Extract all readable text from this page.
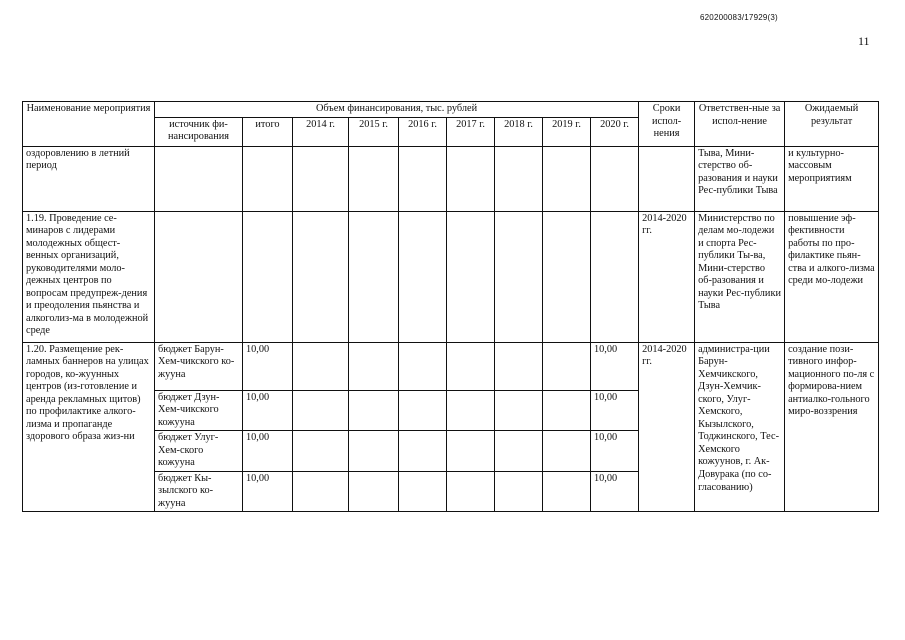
620200083/17929(3)
11
Наименование мероприятия	Объем финансирования, тыс. рублей									Сроки испол-нения	Ответствен-ные за испол-нение	Ожидаемый результат
	источник фи-нансирования	итого	2014 г.	2015 г.	2016 г.	2017 г.	2018 г.	2019 г.	2020 г.			
оздоровлению в летний период											Тыва, Мини-стерство об-разования и науки Рес-публики Тыва	и культурно-массовым мероприятиям
1.19. Проведение се-минаров с лидерами молодежных общест-венных организаций, руководителями моло-дежных центров по вопросам предупреж-дения и преодоления пьянства и алкоголиз-ма в молодежной среде										2014-2020 гг.	Министерство по делам мо-лодежи и спорта Рес-публики Ты-ва, Мини-стерство об-разования и науки Рес-публики Тыва	повышение эф-фективности работы по про-филактике пьян-ства и алкого-лизма среди мо-лодежи
1.20. Размещение рек-ламных баннеров на улицах городов, ко-жуунных центров (из-готовление и аренда рекламных щитов) по профилактике алкого-лизма и пропаганде здорового образа жиз-ни	бюджет Барун-Хем-чикского ко-жууна	10,00							10,00	2014-2020 гг.	администра-ции Барун-Хемчикского, Дзун-Хемчик-ского, Улуг-Хемского, Кызылского, Тоджинского, Тес-Хемского кожуунов, г. Ак-Довурака (по со-гласованию)	создание пози-тивного инфор-мационного по-ля с формирова-нием антиалко-гольного миро-воззрения
	бюджет Дзун-Хем-чикского кожууна	10,00							10,00			
	бюджет Улуг-Хем-ского кожууна	10,00							10,00			
	бюджет Кы-зылского ко-жууна	10,00							10,00			
